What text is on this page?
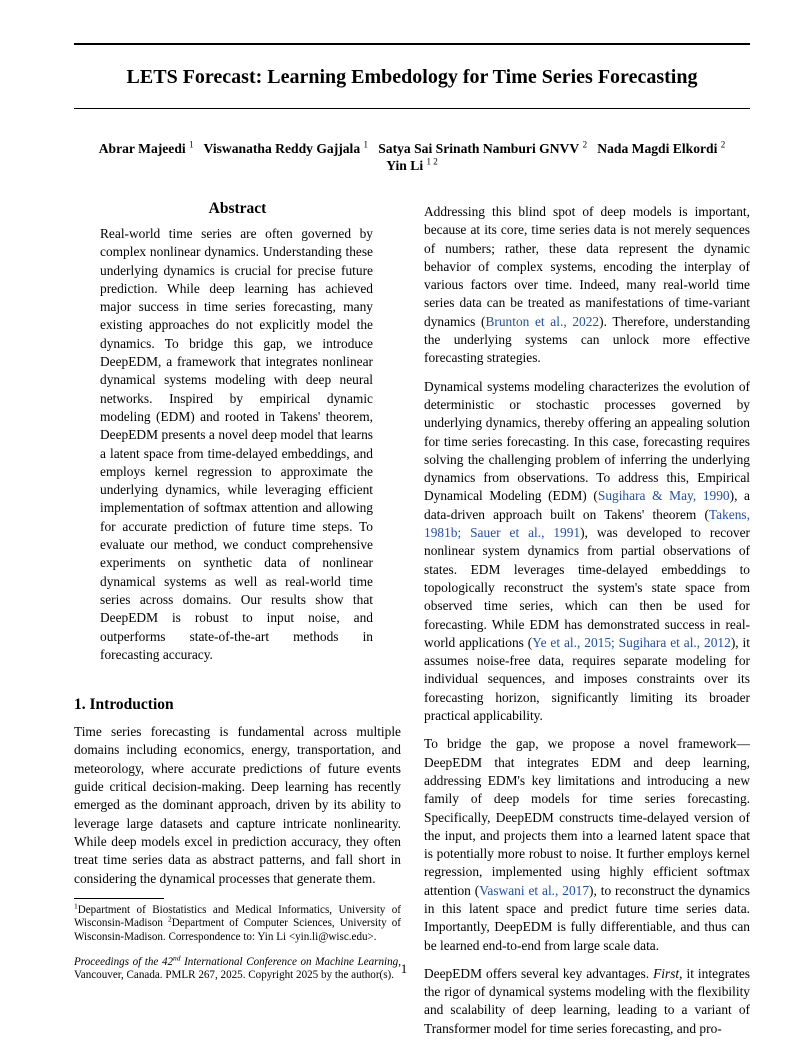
LETS Forecast: Learning Embedology for Time Series Forecasting
Abrar Majeedi $^1$ Viswanatha Reddy Gajjala $^1$ Satya Sai Srinath Namburi GNVV $^2$ Nada Magdi Elkordi $^2$
Yin Li $^{1 2}$
Abstract

Real-world time series are often governed by complex nonlinear dynamics. Understanding these underlying dynamics is crucial for precise future prediction. While deep learning has achieved major success in time series forecasting, many existing approaches do not explicitly model the dynamics. To bridge this gap, we introduce DeepEDM, a framework that integrates nonlinear dynamical systems modeling with deep neural networks. Inspired by empirical dynamic modeling (EDM) and rooted in Takens' theorem, DeepEDM presents a novel deep model that learns a latent space from time-delayed embeddings, and employs kernel regression to approximate the underlying dynamics, while leveraging efficient implementation of softmax attention and allowing for accurate prediction of future time steps. To evaluate our method, we conduct comprehensive experiments on synthetic data of nonlinear dynamical systems as well as real-world time series across domains. Our results show that DeepEDM is robust to input noise, and outperforms state-of-the-art methods in forecasting accuracy.

1. Introduction

Time series forecasting is fundamental across multiple domains including economics, energy, transportation, and meteorology, where accurate predictions of future events guide critical decision-making. Deep learning has recently emerged as the dominant approach, driven by its ability to leverage large datasets and capture intricate nonlinearity. While deep models excel in prediction accuracy, they often treat time series data as abstract patterns, and fall short in considering the dynamical processes that generate them.

$^1$Department of Biostatistics and Medical Informatics, University of Wisconsin-Madison $^2$Department of Computer Sciences, University of Wisconsin-Madison. Correspondence to: Yin Li <yin.li@wisc.edu>.

Proceedings of the 42nd International Conference on Machine Learning, Vancouver, Canada. PMLR 267, 2025. Copyright 2025 by the author(s).

Addressing this blind spot of deep models is important, because at its core, time series data is not merely sequences of numbers; rather, these data represent the dynamic behavior of complex systems, encoding the interplay of various factors over time. Indeed, many real-world time series data can be treated as manifestations of time-variant dynamics (Brunton et al., 2022). Therefore, understanding the underlying systems can unlock more effective forecasting strategies.

Dynamical systems modeling characterizes the evolution of deterministic or stochastic processes governed by underlying dynamics, thereby offering an appealing solution for time series forecasting. In this case, forecasting requires solving the challenging problem of inferring the underlying dynamics from observations. To address this, Empirical Dynamical Modeling (EDM) (Sugihara & May, 1990), a data-driven approach built on Takens' theorem (Takens, 1981b; Sauer et al., 1991), was developed to recover nonlinear system dynamics from partial observations of states. EDM leverages time-delayed embeddings to topologically reconstruct the system's state space from observed time series, which can then be used for forecasting. While EDM has demonstrated success in real-world applications (Ye et al., 2015; Sugihara et al., 2012), it assumes noise-free data, requires separate modeling for individual sequences, and imposes constraints over its forecasting horizon, significantly limiting its broader practical applicability.

To bridge the gap, we propose a novel framework—DeepEDM that integrates EDM and deep learning, addressing EDM's key limitations and introducing a new family of deep models for time series forecasting. Specifically, DeepEDM constructs time-delayed version of the input, and projects them into a learned latent space that is potentially more robust to noise. It further employs kernel regression, implemented using highly efficient softmax attention (Vaswani et al., 2017), to reconstruct the dynamics in this latent space and predict future time series data. Importantly, DeepEDM is fully differentiable, and thus can be learned end-to-end from large scale data.

DeepEDM offers several key advantages. First, it integrates the rigor of dynamical systems modeling with the flexibility and scalability of deep learning, leading to a variant of Transformer model for time series forecasting, and pro-

1
